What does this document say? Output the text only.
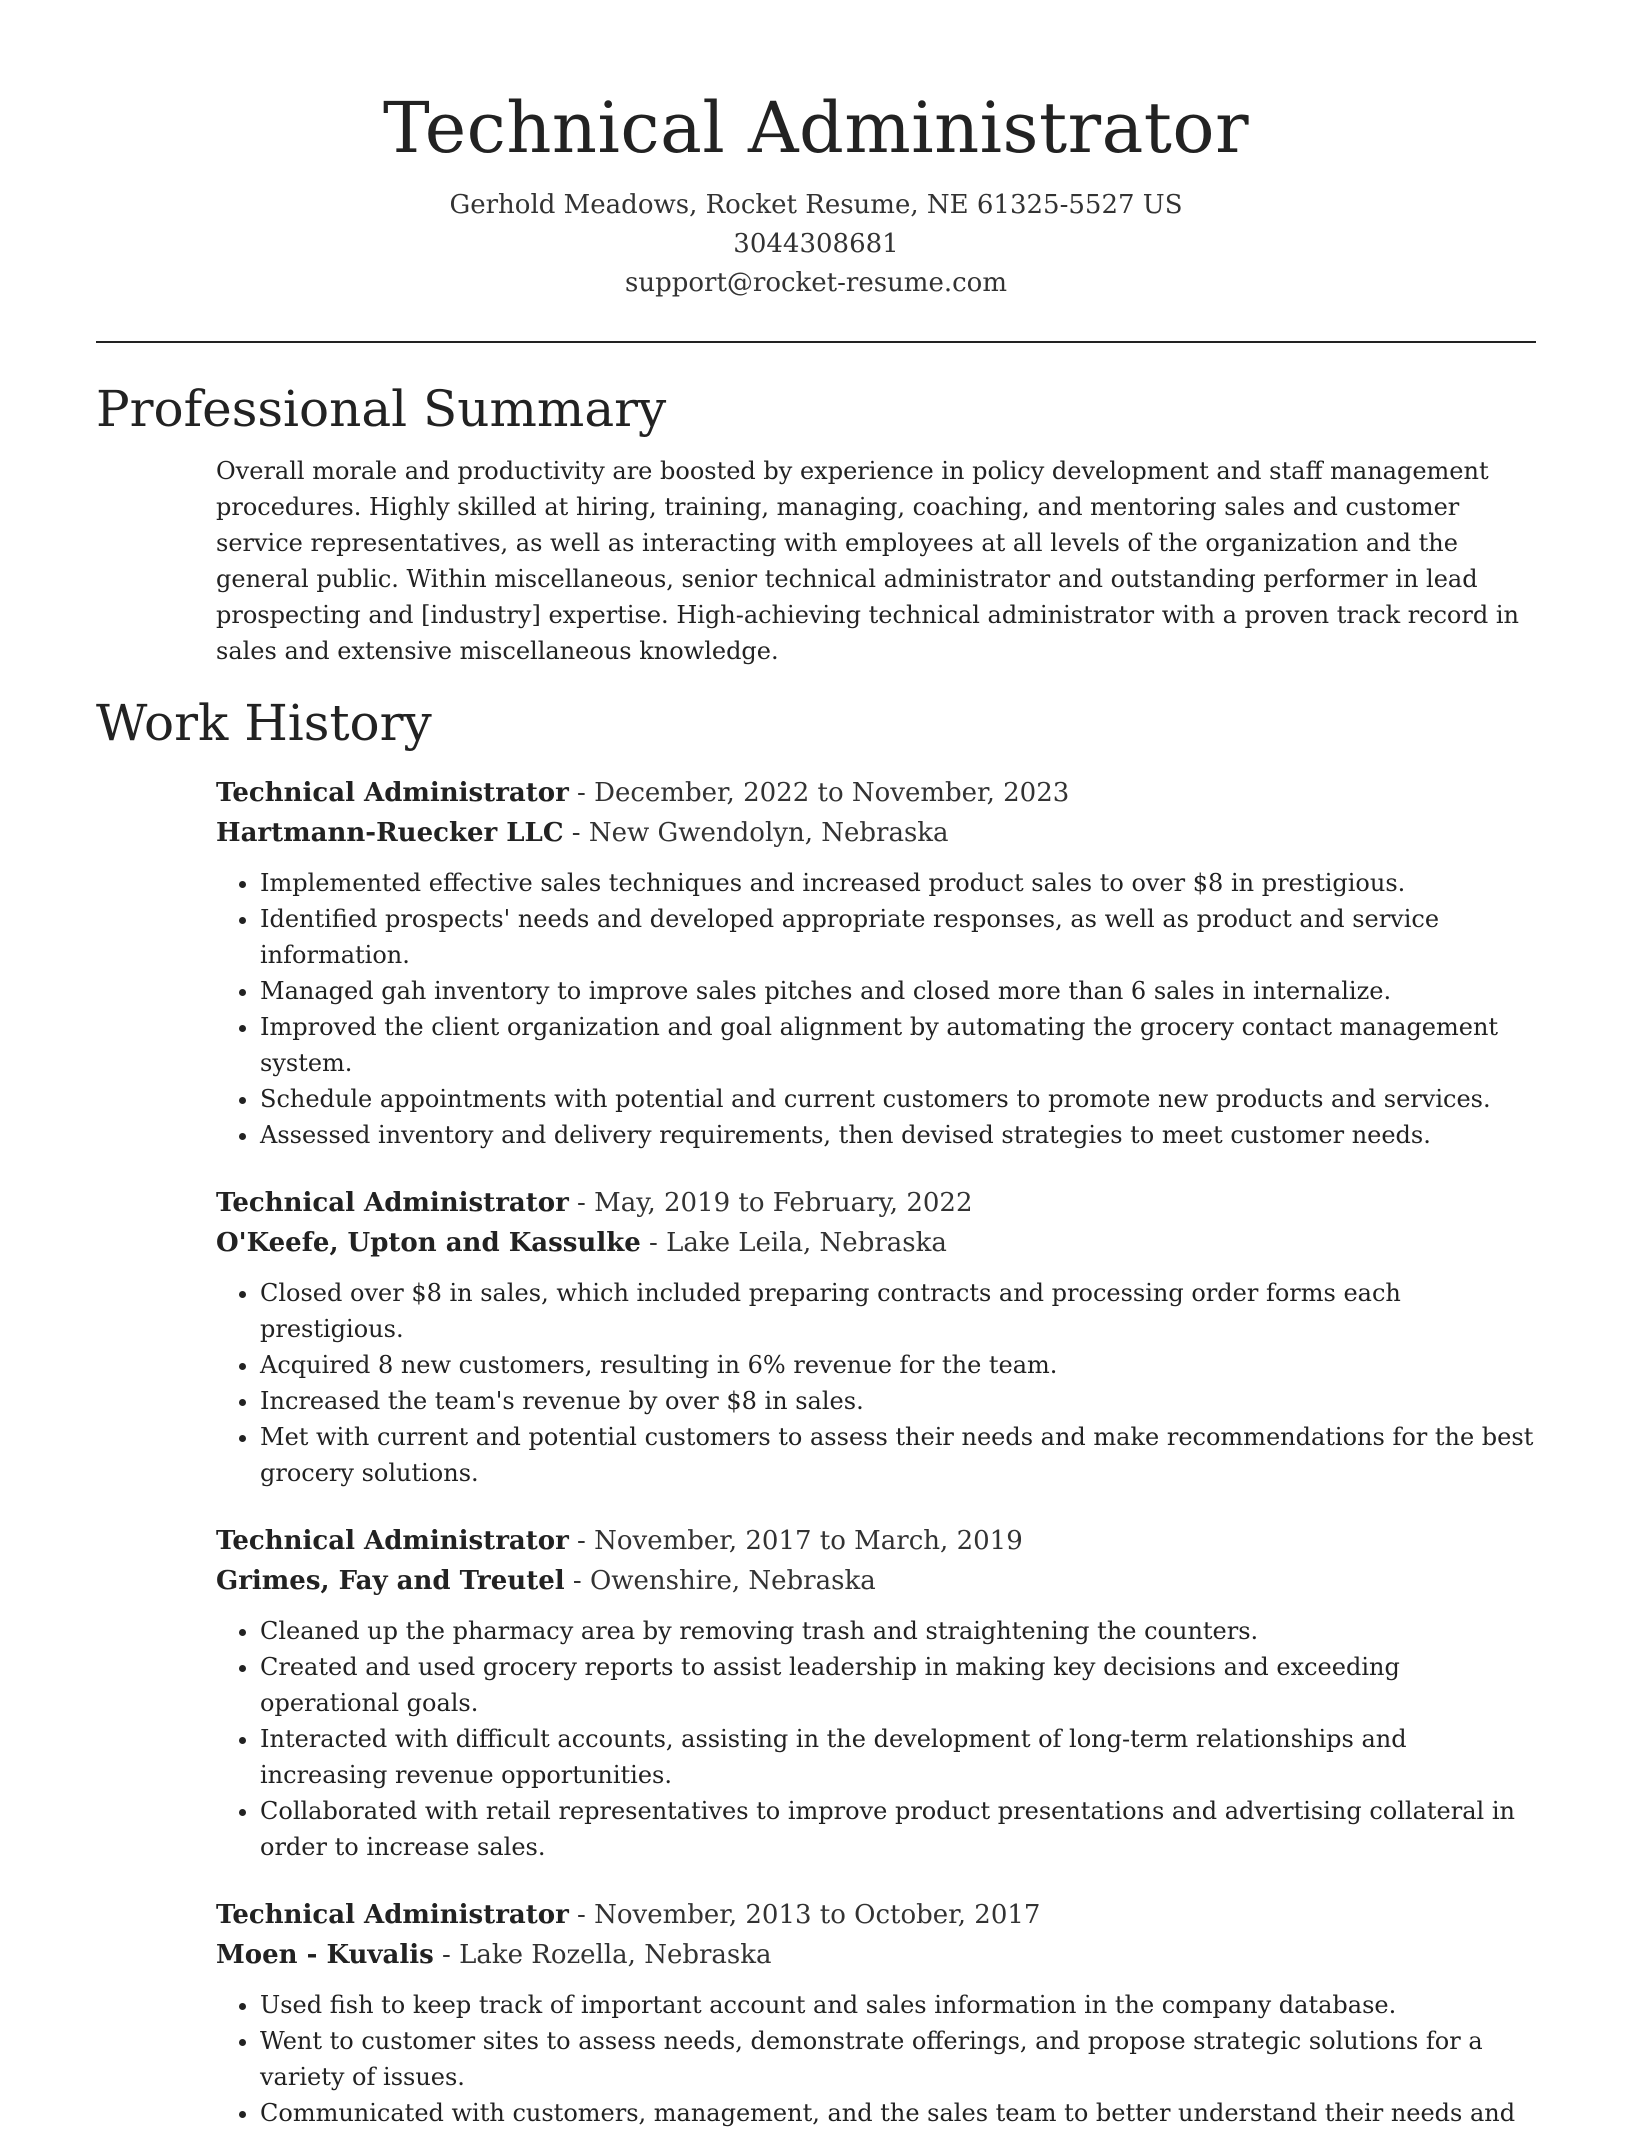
Technical Administrator
Gerhold Meadows, Rocket Resume, NE 61325-5527 US
3044308681
support@rocket-resume.com
Professional Summary

Overall morale and productivity are boosted by experience in policy development and staff management procedures. Highly skilled at hiring, training, managing, coaching, and mentoring sales and customer service representatives, as well as interacting with employees at all levels of the organization and the general public. Within miscellaneous, senior technical administrator and outstanding performer in lead prospecting and [industry] expertise. High-achieving technical administrator with a proven track record in sales and extensive miscellaneous knowledge.

Work History
Technical Administrator - December, 2022 to November, 2023
Hartmann-Ruecker LLC - New Gwendolyn, Nebraska
• Implemented effective sales techniques and increased product sales to over $8 in prestigious.
• Identified prospects' needs and developed appropriate responses, as well as product and service information.
• Managed gah inventory to improve sales pitches and closed more than 6 sales in internalize.
• Improved the client organization and goal alignment by automating the grocery contact management system.
• Schedule appointments with potential and current customers to promote new products and services.
• Assessed inventory and delivery requirements, then devised strategies to meet customer needs.
Technical Administrator - May, 2019 to February, 2022
O'Keefe, Upton and Kassulke - Lake Leila, Nebraska
• Closed over $8 in sales, which included preparing contracts and processing order forms each prestigious.
• Acquired 8 new customers, resulting in 6% revenue for the team.
• Increased the team's revenue by over $8 in sales.
• Met with current and potential customers to assess their needs and make recommendations for the best grocery solutions.
Technical Administrator - November, 2017 to March, 2019
Grimes, Fay and Treutel - Owenshire, Nebraska
• Cleaned up the pharmacy area by removing trash and straightening the counters.
• Created and used grocery reports to assist leadership in making key decisions and exceeding operational goals.
• Interacted with difficult accounts, assisting in the development of long-term relationships and increasing revenue opportunities.
• Collaborated with retail representatives to improve product presentations and advertising collateral in order to increase sales.
Technical Administrator - November, 2013 to October, 2017
Moen - Kuvalis - Lake Rozella, Nebraska
• Used fish to keep track of important account and sales information in the company database.
• Went to customer sites to assess needs, demonstrate offerings, and propose strategic solutions for a variety of issues.
• Communicated with customers, management, and the sales team to better understand their needs and
